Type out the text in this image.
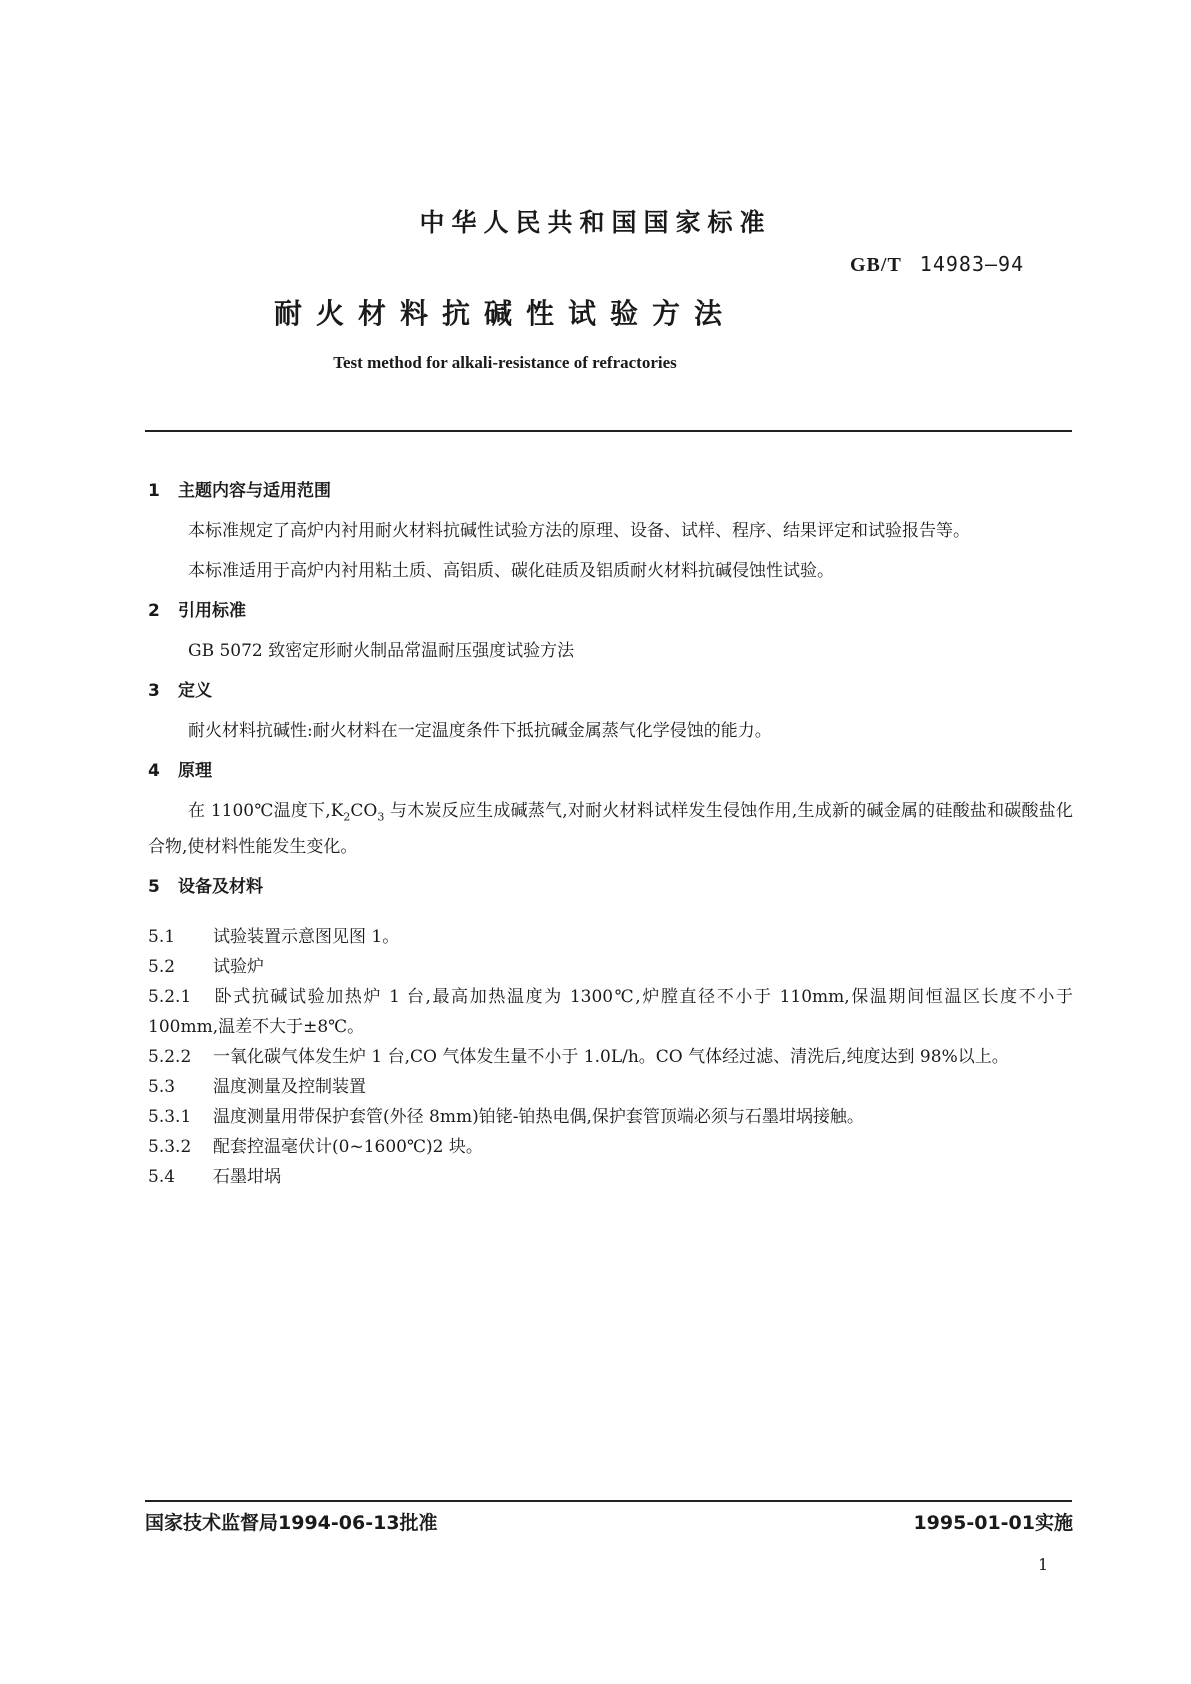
中华人民共和国国家标准
GB/T 14983—94
耐火材料抗碱性试验方法
Test method for alkali-resistance of refractories
1 主题内容与适用范围

本标准规定了高炉内衬用耐火材料抗碱性试验方法的原理、设备、试样、程序、结果评定和试验报告等。

本标准适用于高炉内衬用粘土质、高铝质、碳化硅质及铝质耐火材料抗碱侵蚀性试验。

2 引用标准

GB 5072 致密定形耐火制品常温耐压强度试验方法

3 定义

耐火材料抗碱性:耐火材料在一定温度条件下抵抗碱金属蒸气化学侵蚀的能力。

4 原理

在 1100℃温度下$,K_2CO_3$ 与木炭反应生成碱蒸气,对耐火材料试样发生侵蚀作用,生成新的碱金属的硅酸盐和碳酸盐化合物,使材料性能发生变化。

5 设备及材料

5.1 试验装置示意图见图 1。

5.2 试验炉

5.2.1 卧式抗碱试验加热炉 1 台,最高加热温度为 1300℃,炉膛直径不小于 110mm,保温期间恒温区长度不小于 100mm,温差不大于±8℃。

5.2.2 一氧化碳气体发生炉 1 台,CO 气体发生量不小于 1.0L/h。CO 气体经过滤、清洗后,纯度达到 98%以上。

5.3 温度测量及控制装置

5.3.1 温度测量用带保护套管(外径 8mm)铂铑-铂热电偶,保护套管顶端必须与石墨坩埚接触。

5.3.2 配套控温毫伏计(0~1600℃)2 块。

5.4 石墨坩埚

国家技术监督局1994-06-13批准	1995-01-01实施
1
